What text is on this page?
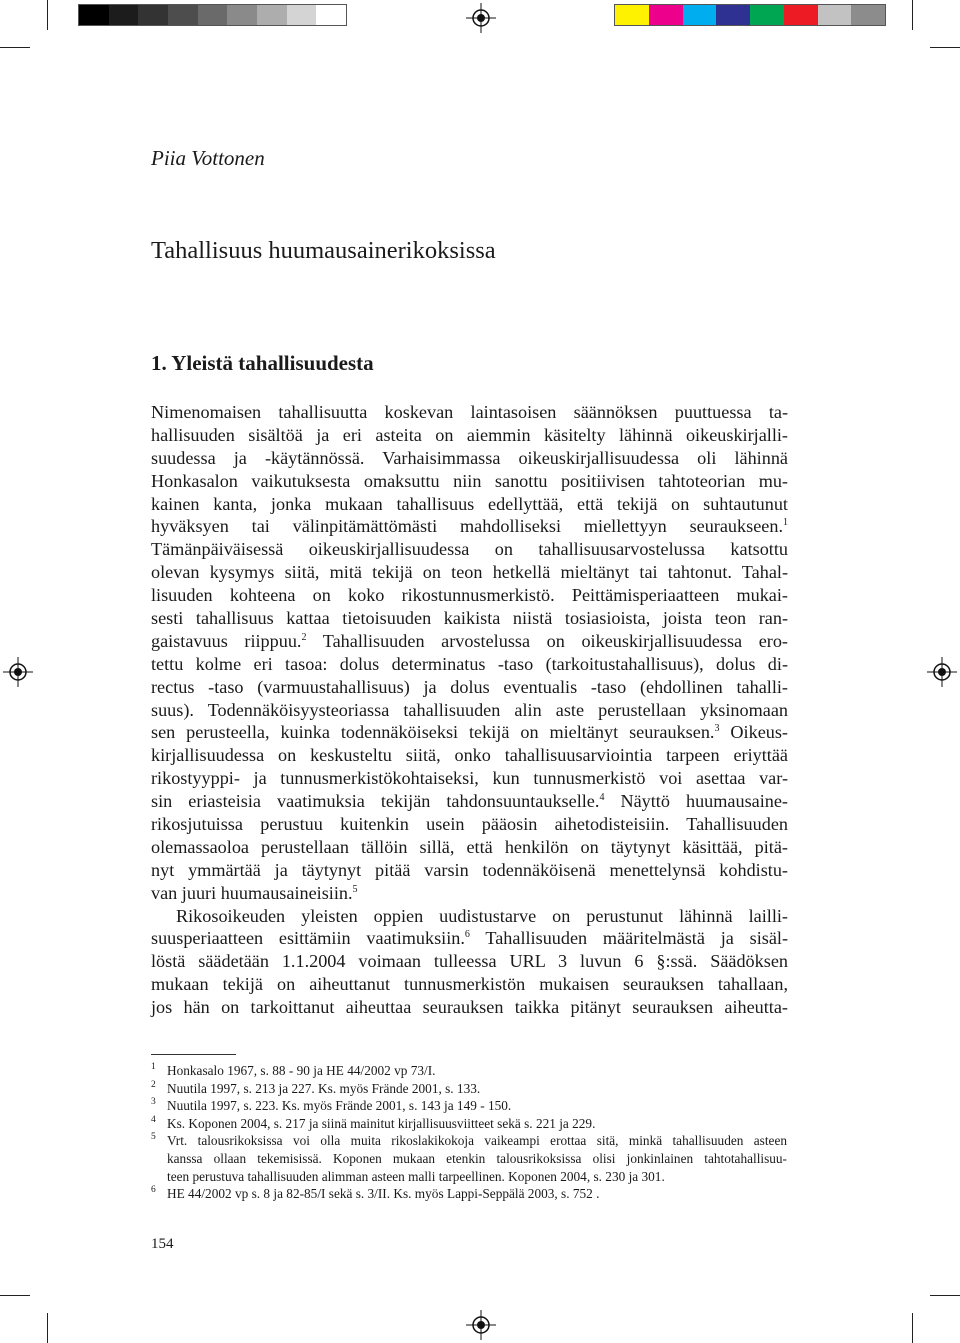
Piia Vottonen
Tahallisuus huumausainerikoksissa
1. Yleistä tahallisuudesta
Nimenomaisen tahallisuutta koskevan laintasoisen säännöksen puuttuessa ta-
hallisuuden sisältöä ja eri asteita on aiemmin käsitelty lähinnä oikeuskirjalli-
suudessa ja -käytännössä. Varhaisimmassa oikeuskirjallisuudessa oli lähinnä
Honkasalon vaikutuksesta omaksuttu niin sanottu positiivisen tahtoteorian mu-
kainen kanta, jonka mukaan tahallisuus edellyttää, että tekijä on suhtautunut
hyväksyen tai välinpitämättömästi mahdolliseksi miellettyyn seuraukseen.$^1$
Tämänpäiväisessä oikeuskirjallisuudessa on tahallisuusarvostelussa katsottu
olevan kysymys siitä, mitä tekijä on teon hetkellä mieltänyt tai tahtonut. Tahal-
lisuuden kohteena on koko rikostunnusmerkistö. Peittämisperiaatteen mukai-
sesti tahallisuus kattaa tietoisuuden kaikista niistä tosiasioista, joista teon ran-
gaistavuus riippuu.$^2$ Tahallisuuden arvostelussa on oikeuskirjallisuudessa ero-
tettu kolme eri tasoa: dolus determinatus -taso (tarkoitustahallisuus), dolus di-
rectus -taso (varmuustahallisuus) ja dolus eventualis -taso (ehdollinen tahalli-
suus). Todennäköisyysteoriassa tahallisuuden alin aste perustellaan yksinomaan
sen perusteella, kuinka todennäköiseksi tekijä on mieltänyt seurauksen.$^3$ Oikeus-
kirjallisuudessa on keskusteltu siitä, onko tahallisuusarviointia tarpeen eriyttää
rikostyyppi- ja tunnusmerkistökohtaiseksi, kun tunnusmerkistö voi asettaa var-
sin eriasteisia vaatimuksia tekijän tahdonsuuntaukselle.$^4$ Näyttö huumausaine-
rikosjutuissa perustuu kuitenkin usein pääosin aihetodisteisiin. Tahallisuuden
olemassaoloa perustellaan tällöin sillä, että henkilön on täytynyt käsittää, pitä-
nyt ymmärtää ja täytynyt pitää varsin todennäköisenä menettelynsä kohdistu-
van juuri huumausaineisiin.$^5$
Rikosoikeuden yleisten oppien uudistustarve on perustunut lähinnä lailli-
suusperiaatteen esittämiin vaatimuksiin.$^6$ Tahallisuuden määritelmästä ja sisäl-
löstä säädetään 1.1.2004 voimaan tulleessa URL 3 luvun 6 §:ssä. Säädöksen
mukaan tekijä on aiheuttanut tunnusmerkistön mukaisen seurauksen tahallaan,
jos hän on tarkoittanut aiheuttaa seurauksen taikka pitänyt seurauksen aiheutta-
1 Honkasalo 1967, s. 88 - 90 ja HE 44/2002 vp 73/I.
2 Nuutila 1997, s. 213 ja 227. Ks. myös Frände 2001, s. 133.
3 Nuutila 1997, s. 223. Ks. myös Frände 2001, s. 143 ja 149 - 150.
4 Ks. Koponen 2004, s. 217 ja siinä mainitut kirjallisuusviitteet sekä s. 221 ja 229.
5 Vrt. talousrikoksissa voi olla muita rikoslakikokoja vaikeampi erottaa sitä, minkä tahallisuuden asteen
kanssa ollaan tekemisissä. Koponen mukaan etenkin talousrikoksissa olisi jonkinlainen tahtotahallisuu-
teen perustuva tahallisuuden alimman asteen malli tarpeellinen. Koponen 2004, s. 230 ja 301.
6 HE 44/2002 vp s. 8 ja 82-85/I sekä s. 3/II. Ks. myös Lappi-Seppälä 2003, s. 752 .
154
